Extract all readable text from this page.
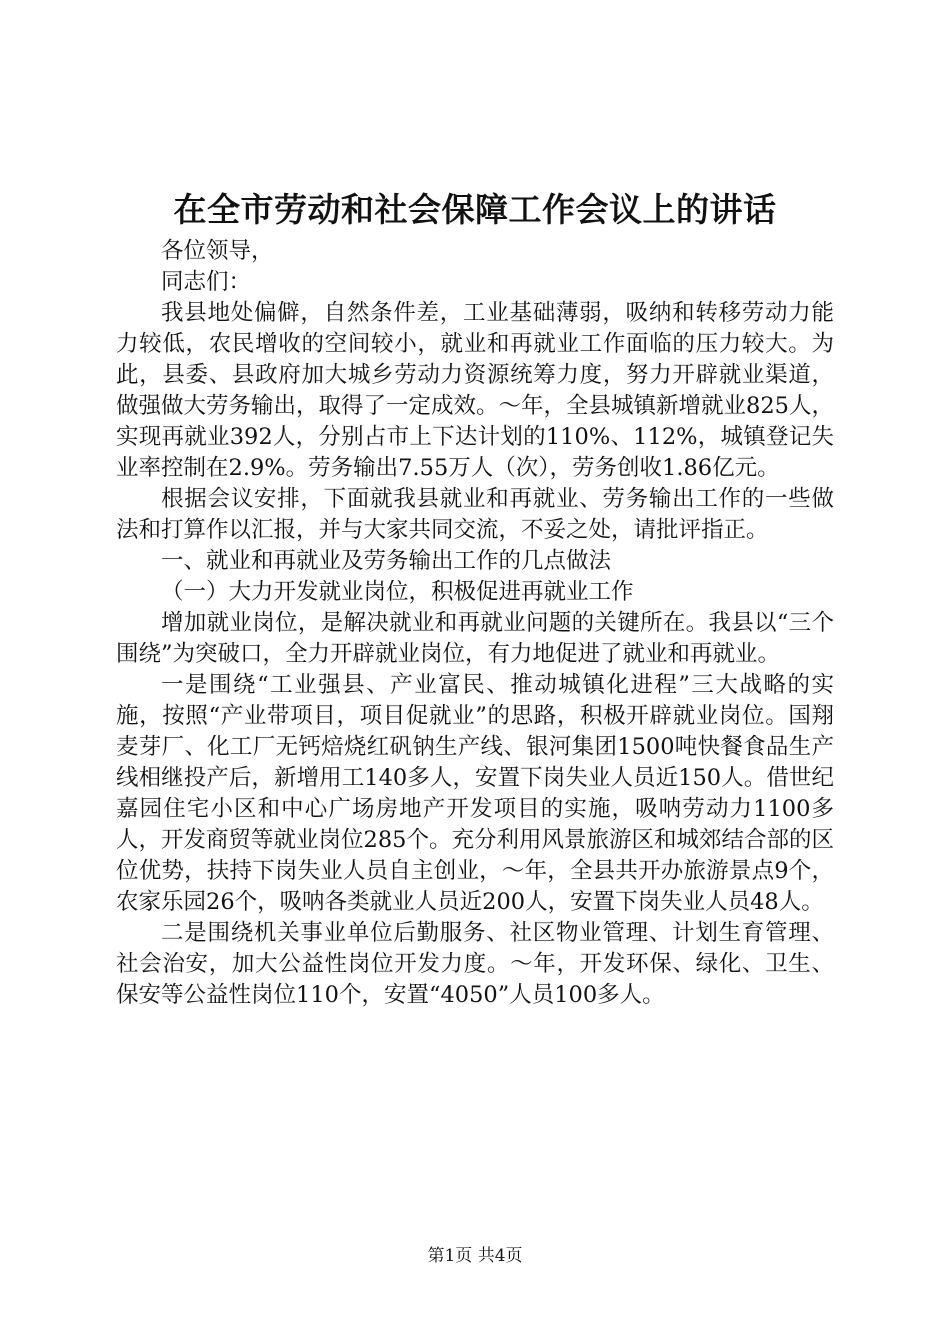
在全市劳动和社会保障工作会议上的讲话

各位领导，

同志们：

我县地处偏僻，自然条件差，工业基础薄弱，吸纳和转移劳动力能力较低，农民增收的空间较小，就业和再就业工作面临的压力较大。为此，县委、县政府加大城乡劳动力资源统筹力度，努力开辟就业渠道，做强做大劳务输出，取得了一定成效。～年，全县城镇新增就业825人，实现再就业392人，分别占市上下达计划的110%、112%，城镇登记失业率控制在2.9%。劳务输出7.55万人（次），劳务创收1.86亿元。

根据会议安排，下面就我县就业和再就业、劳务输出工作的一些做法和打算作以汇报，并与大家共同交流，不妥之处，请批评指正。

一、就业和再就业及劳务输出工作的几点做法

（一）大力开发就业岗位，积极促进再就业工作

增加就业岗位，是解决就业和再就业问题的关键所在。我县以“三个围绕”为突破口，全力开辟就业岗位，有力地促进了就业和再就业。

一是围绕“工业强县、产业富民、推动城镇化进程”三大战略的实施，按照“产业带项目，项目促就业”的思路，积极开辟就业岗位。国翔麦芽厂、化工厂无钙焙烧红矾钠生产线、银河集团1500吨快餐食品生产线相继投产后，新增用工140多人，安置下岗失业人员近150人。借世纪嘉园住宅小区和中心广场房地产开发项目的实施，吸呐劳动力1100多人，开发商贸等就业岗位285个。充分利用风景旅游区和城郊结合部的区位优势，扶持下岗失业人员自主创业，～年，全县共开办旅游景点9个，农家乐园26个，吸呐各类就业人员近200人，安置下岗失业人员48人。

二是围绕机关事业单位后勤服务、社区物业管理、计划生育管理、社会治安，加大公益性岗位开发力度。～年，开发环保、绿化、卫生、保安等公益性岗位110个，安置“4050”人员100多人。

第1页 共4页
